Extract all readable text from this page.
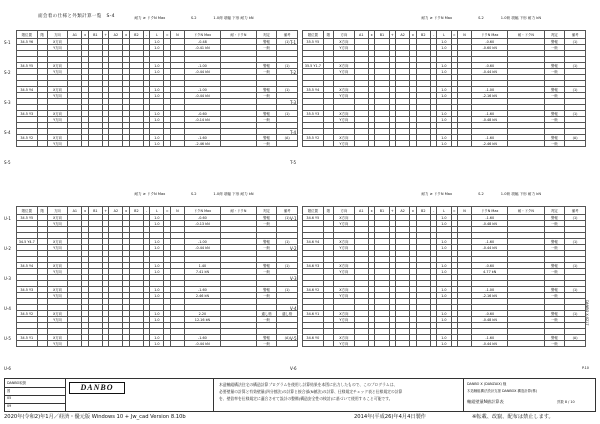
面会着の仕様と外類計算一覧　S-4	耐力 ≥ ドクN Max	S.2	1.0荷 項幅 下形 耐力 kN
階位置	階	方向	A1	x	B1	+	A2	x	B2	-	L	=	N	ドクN Max	耐・ドクN	判定	備考
34.5 Y6		X方向									1.0			-0.48		警報	(1)
		Y方向									1.0			-0.41 kN		一般	

34.5 Y5		X方向									1.0			-1.00		警報	(1)
		Y方向									1.0			-0.44 kN		一般	

34.5 Y4		X方向									1.0			-1.00		警報	(1)
		Y方向									1.0			-0.44 kN		一般	

34.5 Y3		X方向									1.0			-0.60		警報	(1)
		Y方向									1.0			-0.14 kN		一般	

34.5 Y2		X方向									1.0			-1.60		警報	(A)
		Y方向									1.0			-2.46 kN		一般	
S-1
S-2
S-3
S-4
S-5
耐力 ≥ ドクN Max	S.2	1.0荷 項幅 下形 耐力 kN
階位置	階	方向	A1	x	B1	+	A2	x	B2	-	L	=	N	ドクN Max	耐・ドクN	判定	備考
35.5 Y5		X方向									1.0			-0.60		警報	(1)
		Y方向									1.0			-0.60 kN		一般	

35.5 Y1.7		X方向									1.0			-0.60		警報	(1)
		Y方向									1.0			-0.44 kN		一般	

35.5 Y4		X方向									1.0			-1.00		警報	(1)
		Y方向									1.0			-2.16 kN		一般	

35.5 Y3		X方向									1.0			-1.60		警報	(1)
		Y方向									1.0			-0.48 kN		一般	

35.5 Y2		X方向									1.0			-1.60		警報	(A)
		Y方向									1.0			-2.46 kN		一般	
T-1
T-2
T-3
T-4
T-5
耐力 ≥ ドクN Max	S.2	1.0荷 項幅 下形 耐力 kN
階位置	階	方向	A1	x	B1	+	A2	x	B2	-	L	=	N	ドクN Max	耐・ドクN	判定	備考
34.5 Y5		X方向									1.0			-0.60		警報	(1)
		Y方向									1.0			-0.13 kN		一般	

34.5 Y4.7		X方向									1.0			-1.00		警報	(1)
		Y方向									1.0			-0.44 kN		一般	

34.5 Y4		X方向									1.0			1.40		警報	(1)
		Y方向									1.0			7.41 kN		一般	

34.5 Y3		X方向									1.0			-1.60		警報	(1)
		Y方向									1.0			2.46 kN		一般	

34.5 Y2		X方向									1.0			2.20		適し格	適し格
		Y方向									1.0			12.16 kN		一般	

34.5 Y1		X方向									1.0			-1.60		警報	(A)
		Y方向									1.0			-0.44 kN		一般	
U-1
U-2
U-3
U-4
U-5
U-6
耐力 ≥ ドクN Max	S.2	1.0荷 項幅 下形 耐力 kN
階位置	階	方向	A1	x	B1	+	A2	x	B2	-	L	=	N	ドクN Max	耐・ドクN	判定	備考
34.6 Y5		X方向									1.0			-1.60		警報	(1)
		Y方向									1.0			-0.48 kN		一般	

34.6 Y4		X方向									1.0			-1.60		警報	(1)
		Y方向									1.0			-0.44 kN		一般	

34.6 Y3		X方向									1.0			-0.60		警報	(1)
		Y方向									1.0			4.77 kN		一般	

34.6 Y2		X方向									1.0			-1.00		警報	(1)
		Y方向									1.0			-2.16 kN		一般	

34.6 Y1		X方向									1.0			-0.60		警報	(1)
		Y方向									1.0			-0.48 kN		一般	

34.6 Y0		X方向									1.0			-1.60		警報	(A)
		Y方向									1.0			-0.44 kN		一般	
V-1
V-2
V-3
V-4
V-5
V-6
DANBO X:0217
P.10
DANBO取扱
図
05
09
DANBO	木造軸組構法住宅の構造計算プログラムを使用し計算結果を本図に出力したもので、このプログラムは、
必要壁量の計算と有効壁量(四分割法)の計算と接合部(N値法)の計算、仕様規定チェック表と仕様規定の計算
を、壁倍率を仕様規定に適合させて設計の整備(構造安全性の検討)に基づいて使用すること可能です。
DANBO X (DANZAIX) 様
木造軸組構法設計支援 DANBOX 構造計算(株)
軸組壁量N値計算表	頁数 8 / 10
2020年(令和2)年1月／経済・優元版 Windows 10 + Jw_cad Version 8.10b	2014年(平成26)年4月4日製作	※転載、改竄、配布は禁止します。
